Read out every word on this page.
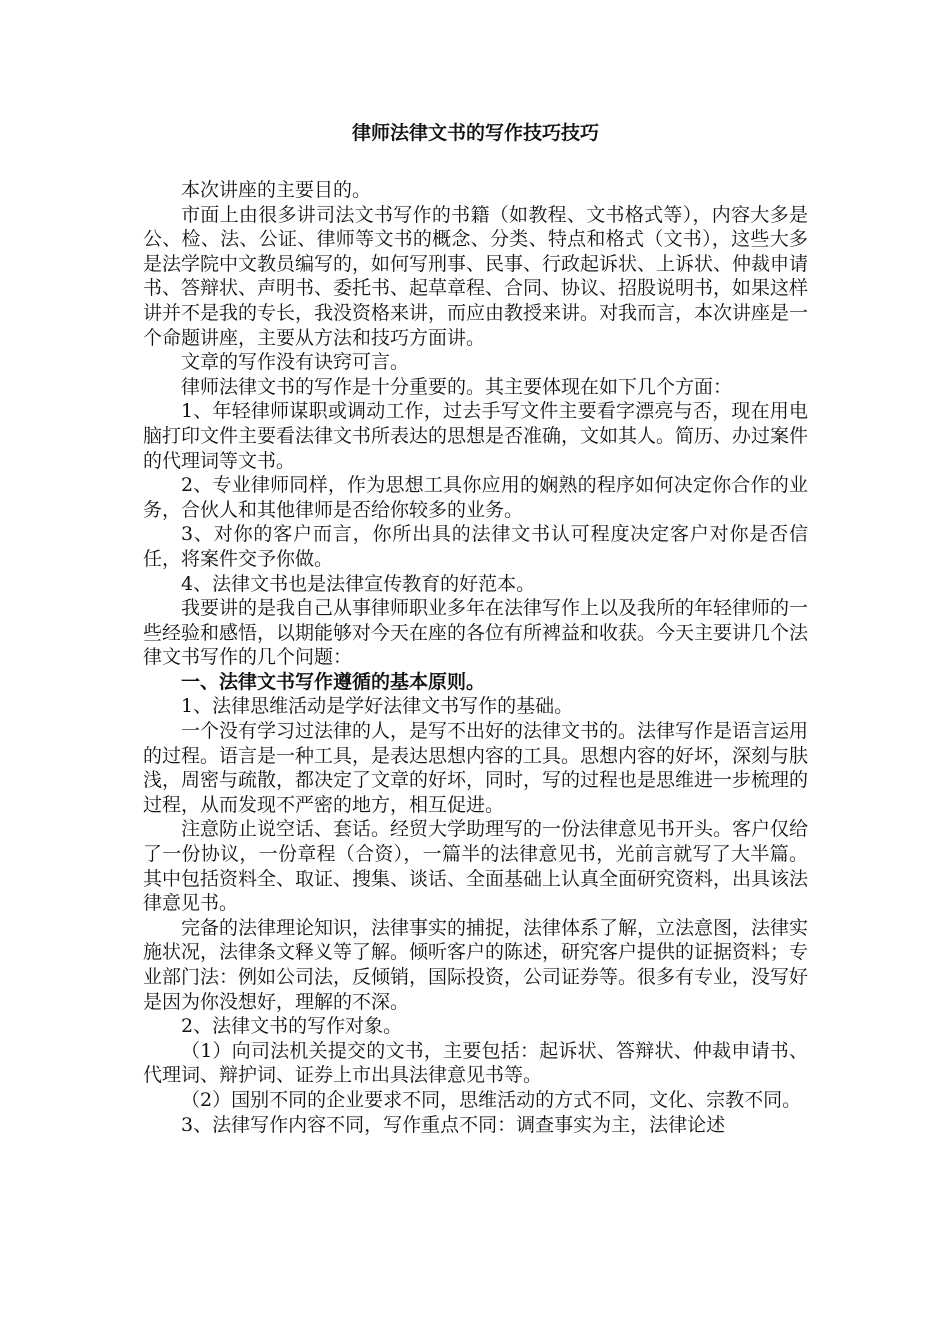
律师法律文书的写作技巧技巧

本次讲座的主要目的。

市面上由很多讲司法文书写作的书籍（如教程、文书格式等），内容大多是公、检、法、公证、律师等文书的概念、分类、特点和格式（文书），这些大多是法学院中文教员编写的，如何写刑事、民事、行政起诉状、上诉状、仲裁申请书、答辩状、声明书、委托书、起草章程、合同、协议、招股说明书，如果这样讲并不是我的专长，我没资格来讲，而应由教授来讲。对我而言，本次讲座是一个命题讲座，主要从方法和技巧方面讲。

文章的写作没有诀窍可言。

律师法律文书的写作是十分重要的。其主要体现在如下几个方面：

1、年轻律师谋职或调动工作，过去手写文件主要看字漂亮与否，现在用电脑打印文件主要看法律文书所表达的思想是否准确，文如其人。简历、办过案件的代理词等文书。

2、专业律师同样，作为思想工具你应用的娴熟的程序如何决定你合作的业务，合伙人和其他律师是否给你较多的业务。

3、对你的客户而言，你所出具的法律文书认可程度决定客户对你是否信任，将案件交予你做。

4、法律文书也是法律宣传教育的好范本。

我要讲的是我自己从事律师职业多年在法律写作上以及我所的年轻律师的一些经验和感悟，以期能够对今天在座的各位有所裨益和收获。今天主要讲几个法律文书写作的几个问题：

一、法律文书写作遵循的基本原则。

1、法律思维活动是学好法律文书写作的基础。

一个没有学习过法律的人，是写不出好的法律文书的。法律写作是语言运用的过程。语言是一种工具，是表达思想内容的工具。思想内容的好坏，深刻与肤浅，周密与疏散，都决定了文章的好坏，同时，写的过程也是思维进一步梳理的过程，从而发现不严密的地方，相互促进。

注意防止说空话、套话。经贸大学助理写的一份法律意见书开头。客户仅给了一份协议，一份章程（合资），一篇半的法律意见书，光前言就写了大半篇。其中包括资料全、取证、搜集、谈话、全面基础上认真全面研究资料，出具该法律意见书。

完备的法律理论知识，法律事实的捕捉，法律体系了解，立法意图，法律实施状况，法律条文释义等了解。倾听客户的陈述，研究客户提供的证据资料；专业部门法：例如公司法，反倾销，国际投资，公司证券等。很多有专业，没写好是因为你没想好，理解的不深。

2、法律文书的写作对象。

（1）向司法机关提交的文书，主要包括：起诉状、答辩状、仲裁申请书、代理词、辩护词、证券上市出具法律意见书等。

（2）国别不同的企业要求不同，思维活动的方式不同，文化、宗教不同。

3、法律写作内容不同，写作重点不同：调查事实为主，法律论述
